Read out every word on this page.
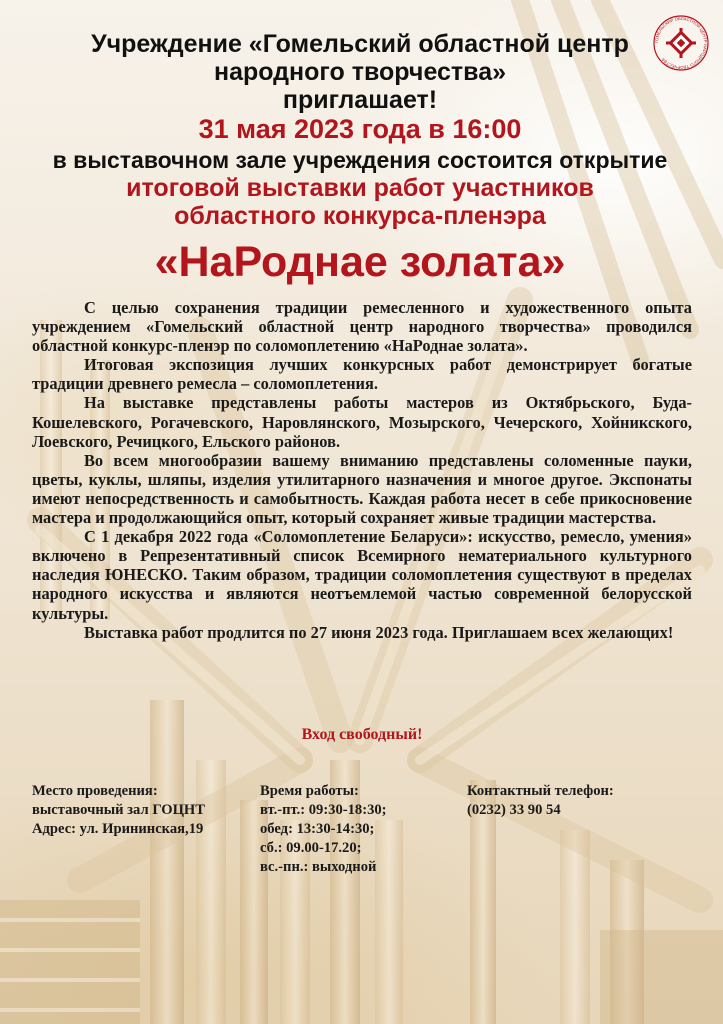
ГОМЕЛЬСКИЙ ОБЛАСТНОЙ ЦЕНТР НАРОДНОГО ТВОРЧЕСТВА
Учреждение «Гомельский областной центр
народного творчества»
приглашает!
31 мая 2023 года в 16:00
в выставочном зале учреждения состоится открытие
итоговой выставки работ участников
областного конкурса-пленэра
«НаРоднае золата»

С целью сохранения традиции ремесленного и художественного опыта учреждением «Гомельский областной центр народного творчества» проводился областной конкурс-пленэр по соломоплетению «НаРоднае золата».

Итоговая экспозиция лучших конкурсных работ демонстрирует богатые традиции древнего ремесла – соломоплетения.

На выставке представлены работы мастеров из Октябрьского, Буда-Кошелевского, Рогачевского, Наровлянского, Мозырского, Чечерского, Хойникского, Лоевского, Речицкого, Ельского районов.

Во всем многообразии вашему вниманию представлены соломенные пауки, цветы, куклы, шляпы, изделия утилитарного назначения и многое другое. Экспонаты имеют непосредственность и самобытность. Каждая работа несет в себе прикосновение мастера и продолжающийся опыт, который сохраняет живые традиции мастерства.

С 1 декабря 2022 года «Соломоплетение Беларуси»: искусство, ремесло, умения» включено в Репрезентативный список Всемирного нематериального культурного наследия ЮНЕСКО. Таким образом, традиции соломоплетения существуют в пределах народного искусства и являются неотъемлемой частью современной белорусской культуры.

Выставка работ продлится по 27 июня 2023 года. Приглашаем всех желающих!

Вход свободный!
Место проведения:
выставочный зал ГОЦНТ
Адрес: ул. Ирининская,19
Время работы:
вт.-пт.: 09:30-18:30;
обед: 13:30-14:30;
сб.: 09.00-17.20;
вс.-пн.: выходной
Контактный телефон:
(0232) 33 90 54
